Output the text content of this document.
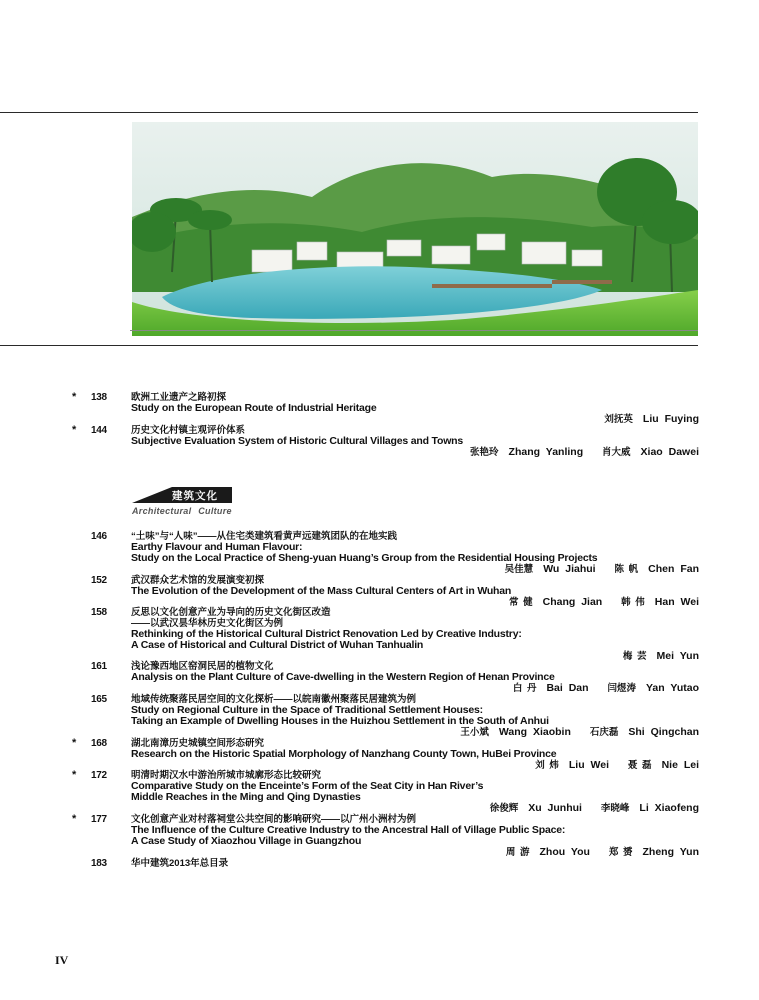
* 138	欧洲工业遗产之路初探
Study on the European Route of Industrial Heritage
刘抚英 Liu Fuying
* 144	历史文化村镇主观评价体系
Subjective Evaluation System of Historic Cultural Villages and Towns
张艳玲 Zhang Yanling 肖大威 Xiao Dawei
建筑文化
Architectural Culture
146	“土味”与“人味”——从住宅类建筑看黄声远建筑团队的在地实践
Earthy Flavour and Human Flavour:
Study on the Local Practice of Sheng-yuan Huang’s Group from the Residential Housing Projects
吴佳慧 Wu Jiahui 陈 帆 Chen Fan
152	武汉群众艺术馆的发展演变初探
The Evolution of the Development of the Mass Cultural Centers of Art in Wuhan
常 健 Chang Jian 韩 伟 Han Wei
158	反思以文化创意产业为导向的历史文化街区改造
——以武汉昙华林历史文化街区为例
Rethinking of the Historical Cultural District Renovation Led by Creative Industry:
A Case of Historical and Cultural District of Wuhan Tanhualin
梅 芸 Mei Yun
161	浅论豫西地区窑洞民居的植物文化
Analysis on the Plant Culture of Cave-dwelling in the Western Region of Henan Province
白 丹 Bai Dan 闫煜涛 Yan Yutao
165	地域传统聚落民居空间的文化探析——以皖南徽州聚落民居建筑为例
Study on Regional Culture in the Space of Traditional Settlement Houses:
Taking an Example of Dwelling Houses in the Huizhou Settlement in the South of Anhui
王小斌 Wang Xiaobin 石庆磊 Shi Qingchan
* 168	湖北南漳历史城镇空间形态研究
Research on the Historic Spatial Morphology of Nanzhang County Town, HuBei Province
刘 炜 Liu Wei 聂 磊 Nie Lei
* 172	明清时期汉水中游治所城市城廓形态比较研究
Comparative Study on the Enceinte’s Form of the Seat City in Han River’s
Middle Reaches in the Ming and Qing Dynasties
徐俊辉 Xu Junhui 李晓峰 Li Xiaofeng
* 177	文化创意产业对村落祠堂公共空间的影响研究——以广州小洲村为例
The Influence of the Culture Creative Industry to the Ancestral Hall of Village Public Space:
A Case Study of Xiaozhou Village in Guangzhou
周 游 Zhou You 郑 赟 Zheng Yun
183	华中建筑2013年总目录
IV
